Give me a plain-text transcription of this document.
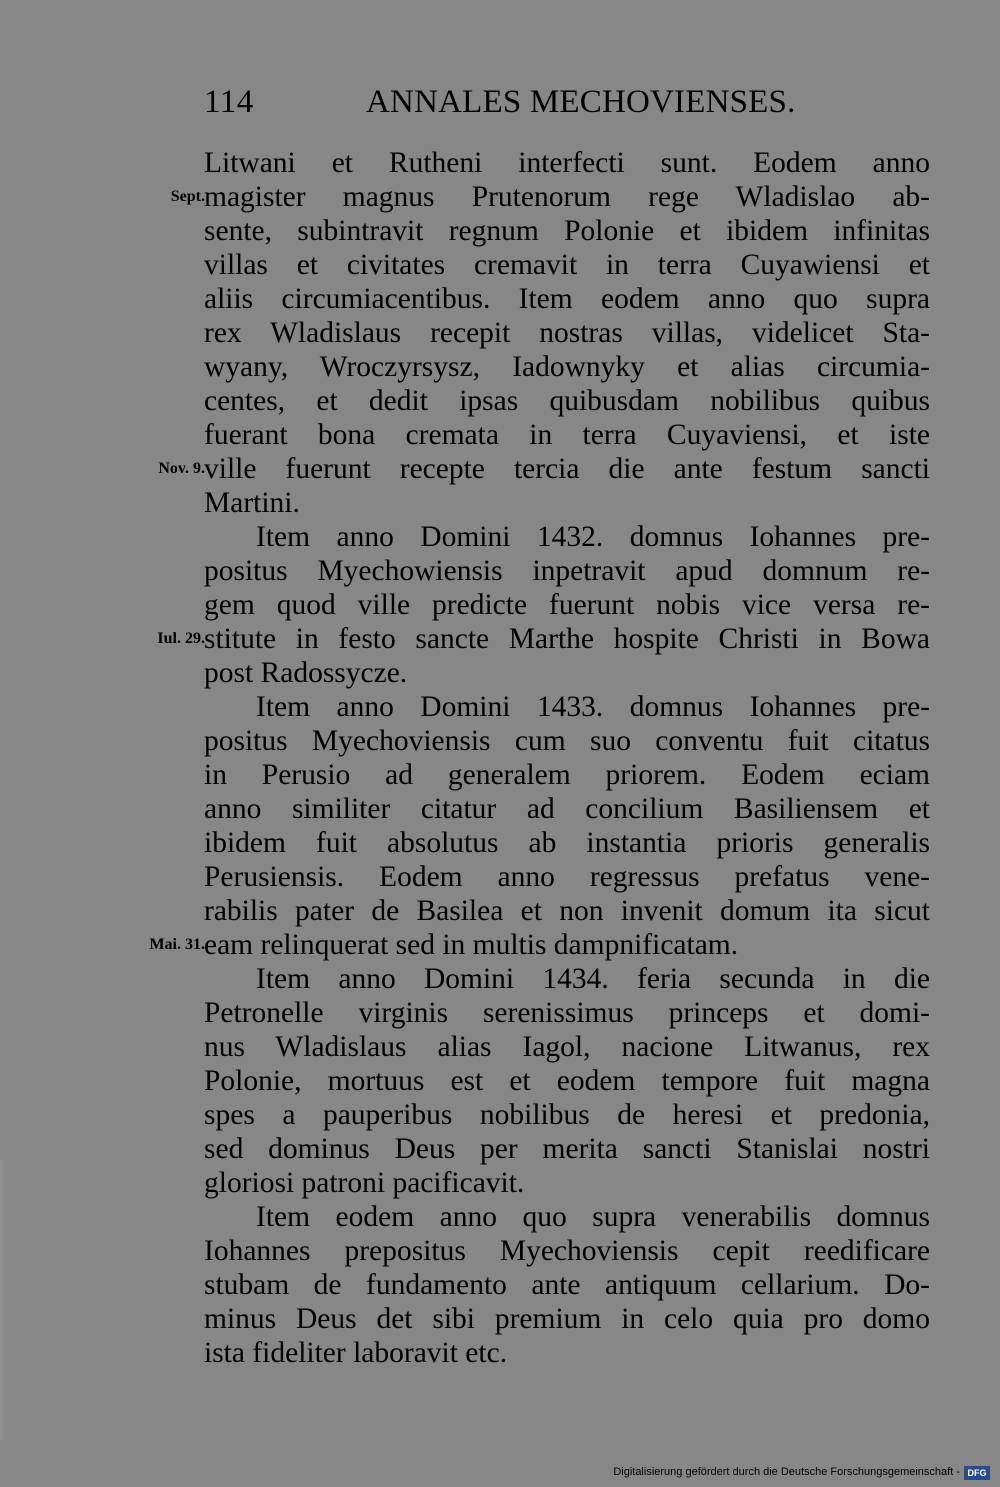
114	ANNALES MECHOVIENSES.
Litwani et Rutheni interfecti sunt. Eodem anno
magister magnus Prutenorum rege Wladislao ab-
sente, subintravit regnum Polonie et ibidem infinitas
villas et civitates cremavit in terra Cuyawiensi et
aliis circumiacentibus. Item eodem anno quo supra
rex Wladislaus recepit nostras villas, videlicet Sta-
wyany, Wroczyrsysz, Iadownyky et alias circumia-
centes, et dedit ipsas quibusdam nobilibus quibus
fuerant bona cremata in terra Cuyaviensi, et iste
ville fuerunt recepte tercia die ante festum sancti
Martini.
Item anno Domini 1432. domnus Iohannes pre-
positus Myechowiensis inpetravit apud domnum re-
gem quod ville predicte fuerunt nobis vice versa re-
stitute in festo sancte Marthe hospite Christi in Bowa
post Radossycze.
Item anno Domini 1433. domnus Iohannes pre-
positus Myechoviensis cum suo conventu fuit citatus
in Perusio ad generalem priorem. Eodem eciam
anno similiter citatur ad concilium Basiliensem et
ibidem fuit absolutus ab instantia prioris generalis
Perusiensis. Eodem anno regressus prefatus vene-
rabilis pater de Basilea et non invenit domum ita sicut
eam relinquerat sed in multis dampnificatam.
Item anno Domini 1434. feria secunda in die
Petronelle virginis serenissimus princeps et domi-
nus Wladislaus alias Iagol, nacione Litwanus, rex
Polonie, mortuus est et eodem tempore fuit magna
spes a pauperibus nobilibus de heresi et predonia,
sed dominus Deus per merita sancti Stanislai nostri
gloriosi patroni pacificavit.
Item eodem anno quo supra venerabilis domnus
Iohannes prepositus Myechoviensis cepit reedificare
stubam de fundamento ante antiquum cellarium. Do-
minus Deus det sibi premium in celo quia pro domo
ista fideliter laboravit etc.
Sept.
Nov. 9.
Iul. 29.
Mai. 31.
Digitalisierung gefördert durch die Deutsche Forschungsgemeinschaft - DFG
